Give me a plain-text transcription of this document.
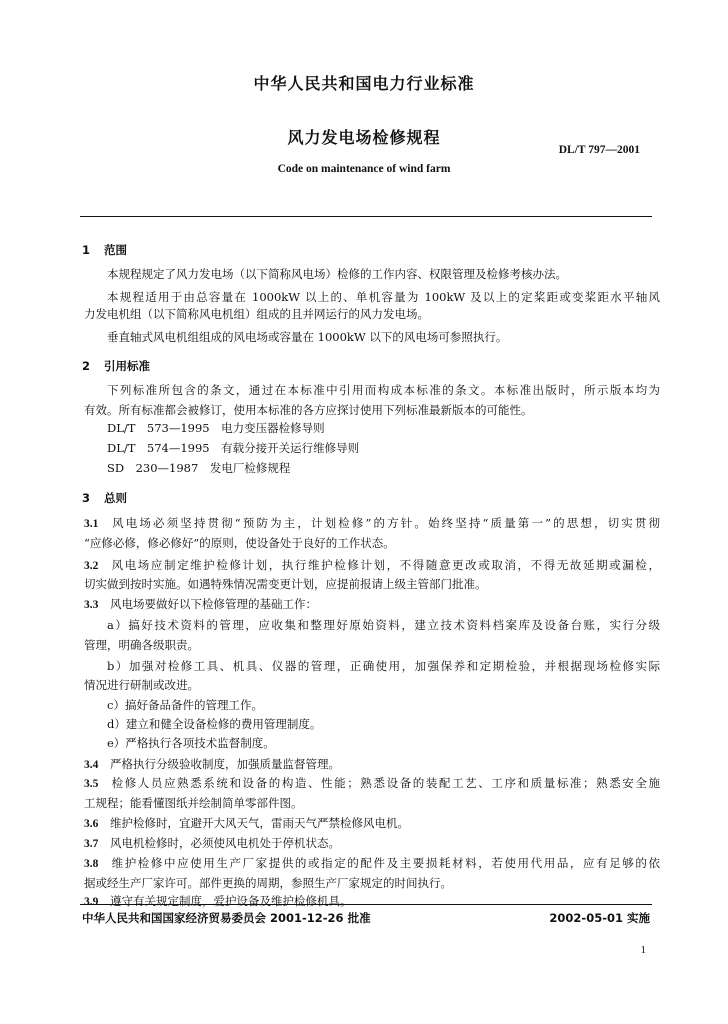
中华人民共和国电力行业标准
风力发电场检修规程
DL/T 797—2001
Code on maintenance of wind farm
1 范围
本规程规定了风力发电场（以下简称风电场）检修的工作内容、权限管理及检修考核办法。
本规程适用于由总容量在 1000kW 以上的、单机容量为 100kW 及以上的定桨距或变桨距水平轴风
力发电机组（以下简称风电机组）组成的且并网运行的风力发电场。
垂直轴式风电机组组成的风电场或容量在 1000kW 以下的风电场可参照执行。
2 引用标准
下列标准所包含的条文，通过在本标准中引用而构成本标准的条文。本标准出版时，所示版本均为
有效。所有标准都会被修订，使用本标准的各方应探讨使用下列标准最新版本的可能性。
DL/T　573—1995　电力变压器检修导则
DL/T　574—1995　有载分接开关运行维修导则
SD　230—1987　发电厂检修规程
3 总则
3.1 风电场必须坚持贯彻“预防为主，计划检修”的方针。始终坚持“质量第一”的思想，切实贯彻
“应修必修，修必修好”的原则，使设备处于良好的工作状态。
3.2 风电场应制定维护检修计划，执行维护检修计划，不得随意更改或取消，不得无故延期或漏检，
切实做到按时实施。如遇特殊情况需变更计划，应提前报请上级主管部门批准。
3.3 风电场要做好以下检修管理的基础工作：
a）搞好技术资料的管理，应收集和整理好原始资料，建立技术资料档案库及设备台账，实行分级
管理，明确各级职责。
b）加强对检修工具、机具、仪器的管理，正确使用，加强保养和定期检验，并根据现场检修实际
情况进行研制或改进。
c）搞好备品备件的管理工作。
d）建立和健全设备检修的费用管理制度。
e）严格执行各项技术监督制度。
3.4 严格执行分级验收制度，加强质量监督管理。
3.5 检修人员应熟悉系统和设备的构造、性能；熟悉设备的装配工艺、工序和质量标准；熟悉安全施
工规程；能看懂图纸并绘制简单零部件图。
3.6 维护检修时，宜避开大风天气，雷雨天气严禁检修风电机。
3.7 风电机检修时，必须使风电机处于停机状态。
3.8 维护检修中应使用生产厂家提供的或指定的配件及主要损耗材料，若使用代用品，应有足够的依
据或经生产厂家许可。部件更换的周期，参照生产厂家规定的时间执行。
3.9 遵守有关规定制度，爱护设备及维护检修机具。
中华人民共和国国家经济贸易委员会 2001-12-26 批准	2002-05-01 实施
1
